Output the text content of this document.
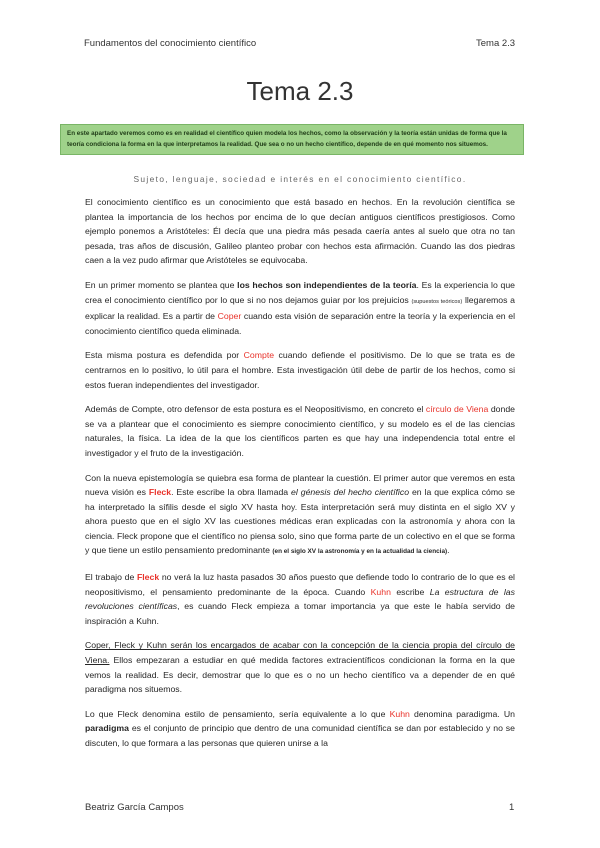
Fundamentos del conocimiento científico	Tema 2.3
Tema 2.3
En este apartado veremos como es en realidad el científico quien modela los hechos, como la observación y la teoría están unidas de forma que la teoría condiciona la forma en la que interpretamos la realidad. Que sea o no un hecho científico, depende de en qué momento nos situemos.
Sujeto, lenguaje, sociedad e interés en el conocimiento científico.

El conocimiento científico es un conocimiento que está basado en hechos. En la revolución científica se plantea la importancia de los hechos por encima de lo que decían antiguos científicos prestigiosos. Como ejemplo ponemos a Aristóteles: Él decía que una piedra más pesada caería antes al suelo que otra no tan pesada, tras años de discusión, Galileo planteo probar con hechos esta afirmación. Cuando las dos piedras caen a la vez pudo afirmar que Aristóteles se equivocaba.

En un primer momento se plantea que los hechos son independientes de la teoría. Es la experiencia lo que crea el conocimiento científico por lo que si no nos dejamos guiar por los prejuicios (supuestos teóricos) llegaremos a explicar la realidad. Es a partir de Coper cuando esta visión de separación entre la teoría y la experiencia en el conocimiento científico queda eliminada.

Esta misma postura es defendida por Compte cuando defiende el positivismo. De lo que se trata es de centrarnos en lo positivo, lo útil para el hombre. Esta investigación útil debe de partir de los hechos, como si estos fueran independientes del investigador.

Además de Compte, otro defensor de esta postura es el Neopositivismo, en concreto el círculo de Viena donde se va a plantear que el conocimiento es siempre conocimiento científico, y su modelo es el de las ciencias naturales, la física. La idea de la que los científicos parten es que hay una independencia total entre el investigador y el fruto de la investigación.

Con la nueva epistemología se quiebra esa forma de plantear la cuestión. El primer autor que veremos en esta nueva visión es Fleck. Este escribe la obra llamada el génesis del hecho científico en la que explica cómo se ha interpretado la sífilis desde el siglo XV hasta hoy. Esta interpretación será muy distinta en el siglo XV y ahora puesto que en el siglo XV las cuestiones médicas eran explicadas con la astronomía y ahora con la ciencia. Fleck propone que el científico no piensa solo, sino que forma parte de un colectivo en el que se forma y que tiene un estilo pensamiento predominante (en el siglo XV la astronomía y en la actualidad la ciencia).

El trabajo de Fleck no verá la luz hasta pasados 30 años puesto que defiende todo lo contrario de lo que es el neopositivismo, el pensamiento predominante de la época. Cuando Kuhn escribe La estructura de las revoluciones científicas, es cuando Fleck empieza a tomar importancia ya que este le había servido de inspiración a Kuhn.

Coper, Fleck y Kuhn serán los encargados de acabar con la concepción de la ciencia propia del círculo de Viena. Ellos empezaran a estudiar en qué medida factores extracientíficos condicionan la forma en la que vemos la realidad. Es decir, demostrar que lo que es o no un hecho científico va a depender de en qué paradigma nos situemos.

Lo que Fleck denomina estilo de pensamiento, sería equivalente a lo que Kuhn denomina paradigma. Un paradigma es el conjunto de principio que dentro de una comunidad científica se dan por establecido y no se discuten, lo que formara a las personas que quieren unirse a la

Beatriz García Campos	1
